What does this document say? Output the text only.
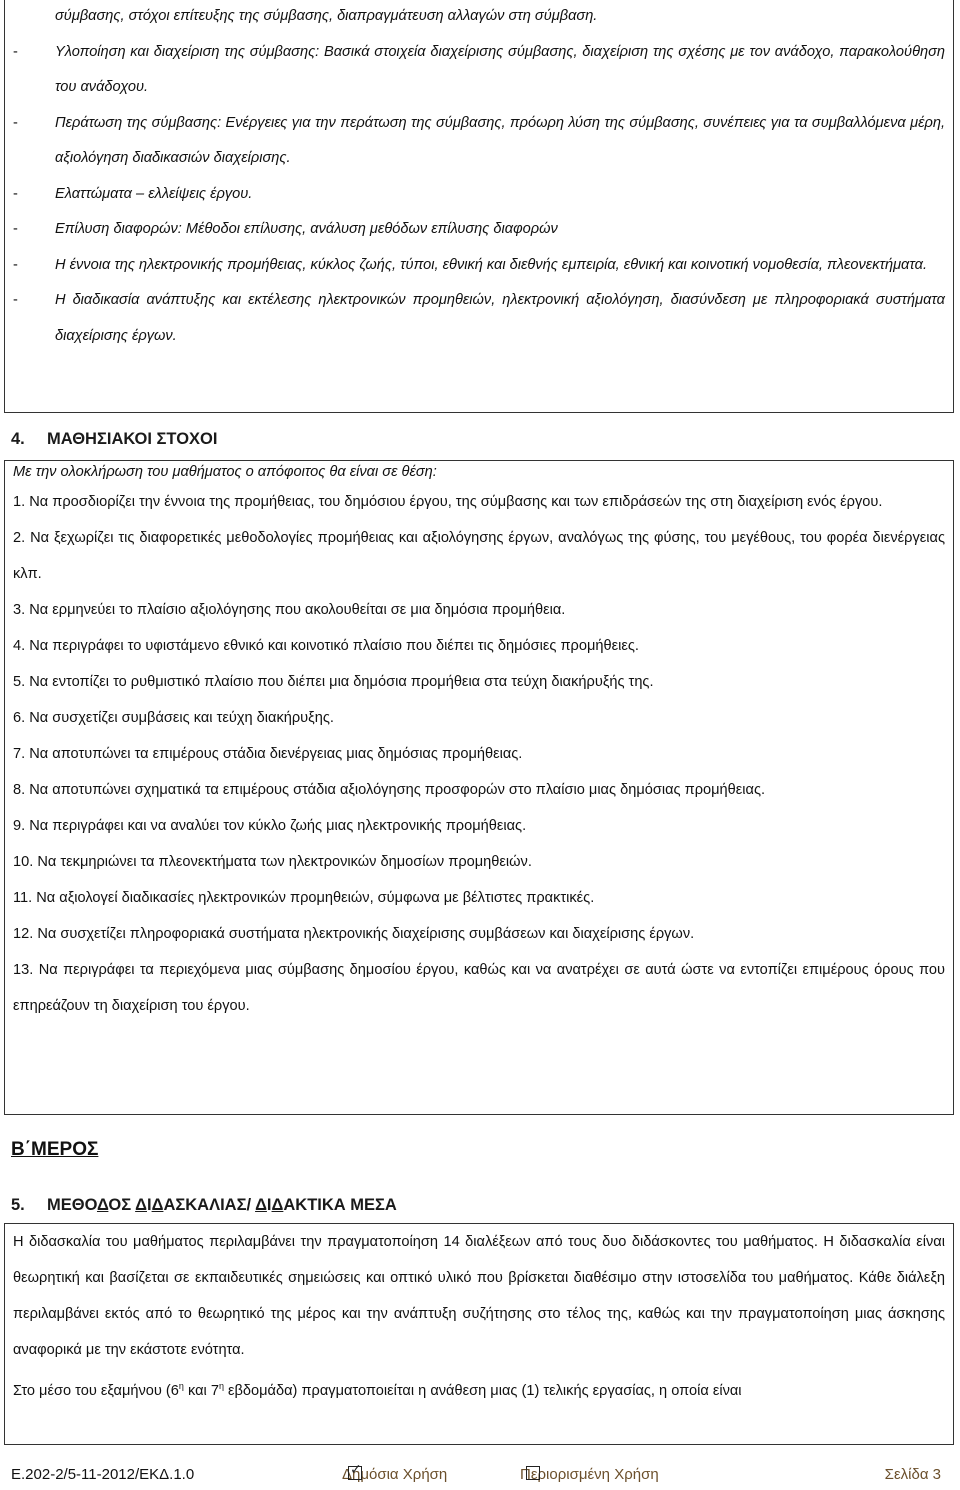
σύμβασης, στόχοι επίτευξης της σύμβασης, διαπραγμάτευση αλλαγών στη σύμβαση.
-	Υλοποίηση και διαχείριση της σύμβασης: Βασικά στοιχεία διαχείρισης σύμβασης, διαχείριση της σχέσης με τον ανάδοχο, παρακολούθηση του ανάδοχου.
-	Περάτωση της σύμβασης: Ενέργειες για την περάτωση της σύμβασης, πρόωρη λύση της σύμβασης, συνέπειες για τα συμβαλλόμενα μέρη, αξιολόγηση διαδικασιών διαχείρισης.
-	Ελαττώματα – ελλείψεις έργου.
-	Επίλυση διαφορών: Μέθοδοι επίλυσης, ανάλυση μεθόδων επίλυσης διαφορών
-	Η έννοια της ηλεκτρονικής προμήθειας, κύκλος ζωής, τύποι, εθνική και διεθνής εμπειρία, εθνική και κοινοτική νομοθεσία, πλεονεκτήματα.
-	Η διαδικασία ανάπτυξης και εκτέλεσης ηλεκτρονικών προμηθειών, ηλεκτρονική αξιολόγηση, διασύνδεση με πληροφοριακά συστήματα διαχείρισης έργων.
4. ΜΑΘΗΣΙΑΚΟΙ ΣΤΟΧΟΙ
Με την ολοκλήρωση του μαθήματος ο απόφοιτος θα είναι σε θέση:
1. Να προσδιορίζει την έννοια της προμήθειας, του δημόσιου έργου, της σύμβασης και των επιδράσεών της στη διαχείριση ενός έργου.
2. Να ξεχωρίζει τις διαφορετικές μεθοδολογίες προμήθειας και αξιολόγησης έργων, αναλόγως της φύσης, του μεγέθους, του φορέα διενέργειας κλπ.
3. Να ερμηνεύει το πλαίσιο αξιολόγησης που ακολουθείται σε μια δημόσια προμήθεια.
4. Να περιγράφει το υφιστάμενο εθνικό και κοινοτικό πλαίσιο που διέπει τις δημόσιες προμήθειες.
5. Να εντοπίζει το ρυθμιστικό πλαίσιο που διέπει μια δημόσια προμήθεια στα τεύχη διακήρυξής της.
6. Να συσχετίζει συμβάσεις και τεύχη διακήρυξης.
7. Να αποτυπώνει τα επιμέρους στάδια διενέργειας μιας δημόσιας προμήθειας.
8. Να αποτυπώνει σχηματικά τα επιμέρους στάδια αξιολόγησης προσφορών στο πλαίσιο μιας δημόσιας προμήθειας.
9. Να περιγράφει και να αναλύει τον κύκλο ζωής μιας ηλεκτρονικής προμήθειας.
10. Να τεκμηριώνει τα πλεονεκτήματα των ηλεκτρονικών δημοσίων προμηθειών.
11. Να αξιολογεί διαδικασίες ηλεκτρονικών προμηθειών, σύμφωνα με βέλτιστες πρακτικές.
12. Να συσχετίζει πληροφοριακά συστήματα ηλεκτρονικής διαχείρισης συμβάσεων και διαχείρισης έργων.
13. Να περιγράφει τα περιεχόμενα μιας σύμβασης δημοσίου έργου, καθώς και να ανατρέχει σε αυτά ώστε να εντοπίζει επιμέρους όρους που επηρεάζουν τη διαχείριση του έργου.
Β΄ΜΕΡΟΣ
5. ΜΕΘΟΔΟΣ ΔΙΔΑΣΚΑΛΙΑΣ/ ΔΙΔΑΚΤΙΚΑ ΜΕΣΑ
Η διδασκαλία του μαθήματος περιλαμβάνει την πραγματοποίηση 14 διαλέξεων από τους δυο διδάσκοντες του μαθήματος. Η διδασκαλία είναι θεωρητική και βασίζεται σε εκπαιδευτικές σημειώσεις και οπτικό υλικό που βρίσκεται διαθέσιμο στην ιστοσελίδα του μαθήματος. Κάθε διάλεξη περιλαμβάνει εκτός από το θεωρητικό της μέρος και την ανάπτυξη συζήτησης στο τέλος της, καθώς και την πραγματοποίηση μιας άσκησης αναφορικά με την εκάστοτε ενότητα.
Στο μέσο του εξαμήνου ($6^\eta$ και $7^\eta$ εβδομάδα) πραγματοποιείται η ανάθεση μιας (1) τελικής εργασίας, η οποία είναι
Ε.202-2/5-11-2012/ΕΚΔ.1.0	Δημόσια Χρήση
✓	Περιορισμένη Χρήση	Σελίδα 3
